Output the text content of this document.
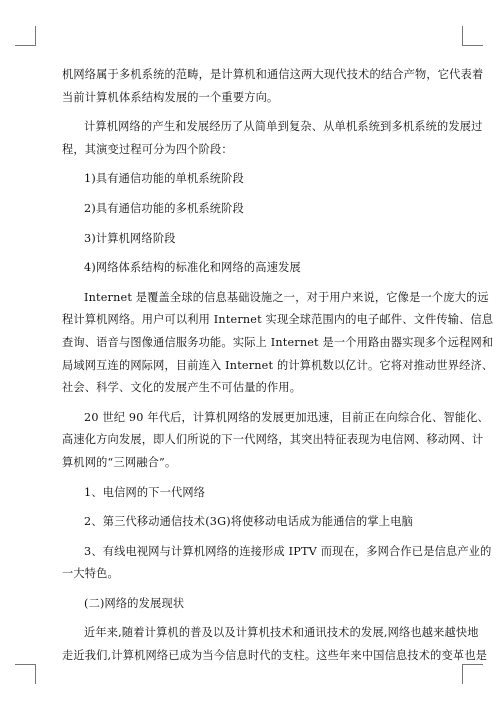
机网络属于多机系统的范畴，是计算机和通信这两大现代技术的结合产物，它代表着

当前计算机体系结构发展的一个重要方向。

计算机网络的产生和发展经历了从简单到复杂、从单机系统到多机系统的发展过

程，其演变过程可分为四个阶段：

1)具有通信功能的单机系统阶段

2)具有通信功能的多机系统阶段

3)计算机网络阶段

4)网络体系结构的标准化和网络的高速发展

Internet 是覆盖全球的信息基础设施之一，对于用户来说，它像是一个庞大的远

程计算机网络。用户可以利用 Internet 实现全球范围内的电子邮件、文件传输、信息

查询、语音与图像通信服务功能。实际上 Internet 是一个用路由器实现多个远程网和

局域网互连的网际网，目前连入 Internet 的计算机数以亿计。它将对推动世界经济、

社会、科学、文化的发展产生不可估量的作用。

20 世纪 90 年代后，计算机网络的发展更加迅速，目前正在向综合化、智能化、

高速化方向发展，即人们所说的下一代网络，其突出特征表现为电信网、移动网、计

算机网的“三网融合”。

1、电信网的下一代网络

2、第三代移动通信技术(3G)将使移动电话成为能通信的掌上电脑

3、有线电视网与计算机网络的连接形成 IPTV 而现在，多网合作已是信息产业的

一大特色。

(二)网络的发展现状

近年来,随着计算机的普及以及计算机技术和通讯技术的发展,网络也越来越快地

走近我们,计算机网络已成为当今信息时代的支柱。这些年来中国信息技术的变革也是
